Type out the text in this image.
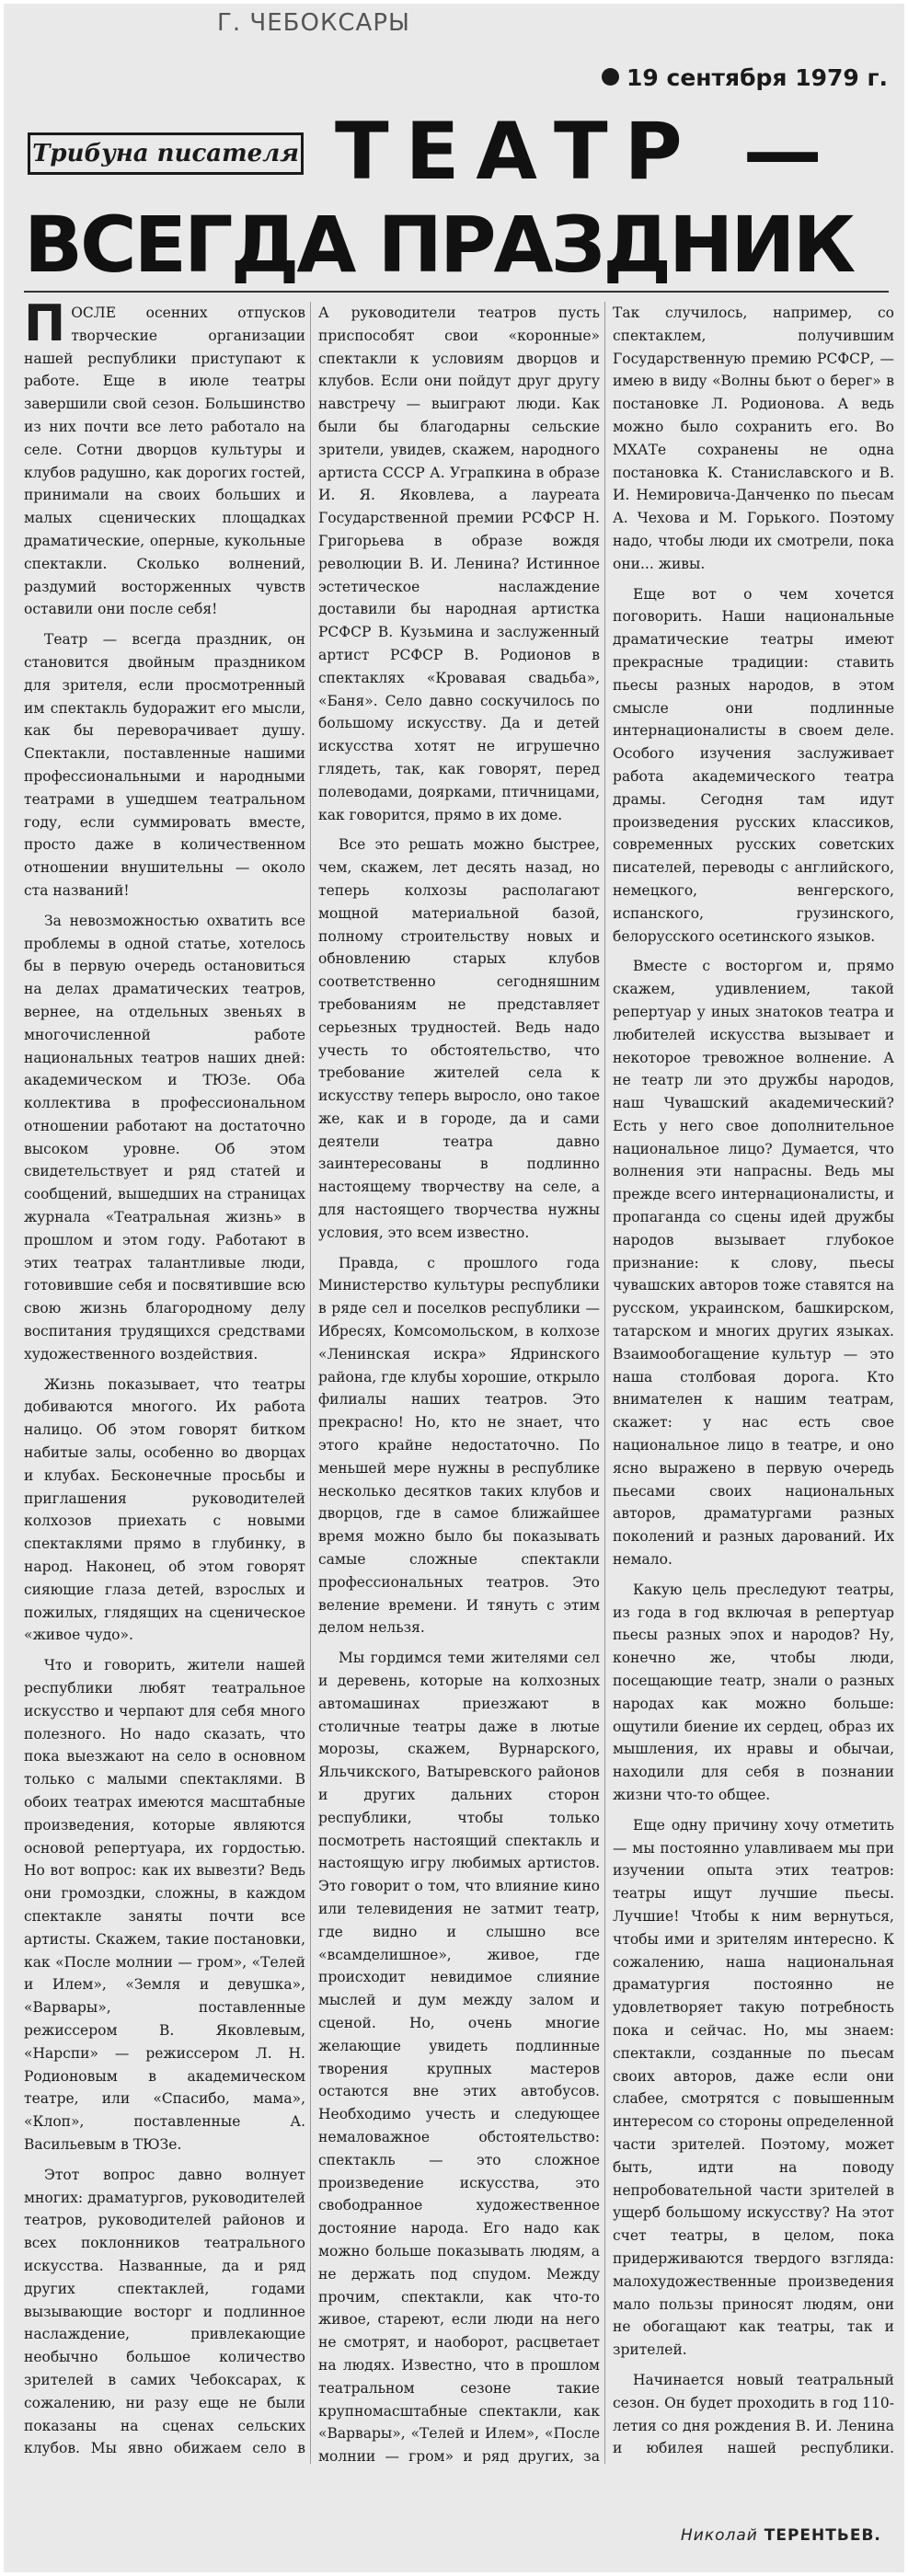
Г. ЧЕБОКСАРЫ
19 сентября 1979 г.
Трибуна писателя ТЕАТР —
ВСЕГДА ПРАЗДНИК

ПОСЛЕ осенних отпусков творческие организации нашей республики приступают к работе. Еще в июле театры завершили свой сезон. Большинство из них почти все лето работало на селе. Сотни дворцов культуры и клубов радушно, как дорогих гостей, принимали на своих больших и малых сценических площадках драматические, оперные, кукольные спектакли. Сколько волнений, раздумий восторженных чувств оставили они после себя!

Театр — всегда праздник, он становится двойным праздником для зрителя, если просмотренный им спектакль будоражит его мысли, как бы переворачивает душу. Спектакли, поставленные нашими профессиональными и народными театрами в ушедшем театральном году, если суммировать вместе, просто даже в количественном отношении внушительны — около ста названий!

За невозможностью охватить все проблемы в одной статье, хотелось бы в первую очередь остановиться на делах драматических театров, вернее, на отдельных звеньях в многочисленной работе национальных театров наших дней: академическом и ТЮЗе. Оба коллектива в профессиональном отношении работают на достаточно высоком уровне. Об этом свидетельствует и ряд статей и сообщений, вышедших на страницах журнала «Театральная жизнь» в прошлом и этом году. Работают в этих театрах талантливые люди, готовившие себя и посвятившие всю свою жизнь благородному делу воспитания трудящихся средствами художественного воздействия.

Жизнь показывает, что театры добиваются многого. Их работа налицо. Об этом говорят битком набитые залы, особенно во дворцах и клубах. Бесконечные просьбы и приглашения руководителей колхозов приехать с новыми спектаклями прямо в глубинку, в народ. Наконец, об этом говорят сияющие глаза детей, взрослых и пожилых, глядящих на сценическое «живое чудо».

Что и говорить, жители нашей республики любят театральное искусство и черпают для себя много полезного. Но надо сказать, что пока выезжают на село в основном только с малыми спектаклями. В обоих театрах имеются масштабные произведения, которые являются основой репертуара, их гордостью. Но вот вопрос: как их вывезти? Ведь они громоздки, сложны, в каждом спектакле заняты почти все артисты. Скажем, такие постановки, как «После молнии — гром», «Телей и Илем», «Земля и девушка», «Варвары», поставленные режиссером В. Яковлевым, «Нарспи» — режиссером Л. Н. Родионовым в академическом театре, или «Спасибо, мама», «Клоп», поставленные А. Васильевым в ТЮЗе.

Этот вопрос давно волнует многих: драматургов, руководителей театров, руководителей районов и всех поклонников театрального искусства. Названные, да и ряд других спектаклей, годами вызывающие восторг и подлинное наслаждение, привлекающие необычно большое количество зрителей в самих Чебоксарах, к сожалению, ни разу еще не были показаны на сценах сельских клубов. Мы явно обижаем село в

А руководители театров пусть приспособят свои «коронные» спектакли к условиям дворцов и клубов. Если они пойдут друг другу навстречу — выиграют люди. Как были бы благодарны сельские зрители, увидев, скажем, народного артиста СССР А. Уграпкина в образе И. Я. Яковлева, а лауреата Государственной премии РСФСР Н. Григорьева в образе вождя революции В. И. Ленина? Истинное эстетическое наслаждение доставили бы народная артистка РСФСР В. Кузьмина и заслуженный артист РСФСР В. Родионов в спектаклях «Кровавая свадьба», «Баня». Село давно соскучилось по большому искусству. Да и детей искусства хотят не игрушечно глядеть, так, как говорят, перед полеводами, доярками, птичницами, как говорится, прямо в их доме.

Все это решать можно быстрее, чем, скажем, лет десять назад, но теперь колхозы располагают мощной материальной базой, полному строительству новых и обновлению старых клубов соответственно сегодняшним требованиям не представляет серьезных трудностей. Ведь надо учесть то обстоятельство, что требование жителей села к искусству теперь выросло, оно такое же, как и в городе, да и сами деятели театра давно заинтересованы в подлинно настоящему творчеству на селе, а для настоящего творчества нужны условия, это всем известно.

Правда, с прошлого года Министерство культуры республики в ряде сел и поселков республики — Ибресях, Комсомольском, в колхозе «Ленинская искра» Ядринского района, где клубы хорошие, открыло филиалы наших театров. Это прекрасно! Но, кто не знает, что этого крайне недостаточно. По меньшей мере нужны в республике несколько десятков таких клубов и дворцов, где в самое ближайшее время можно было бы показывать самые сложные спектакли профессиональных театров. Это веление времени. И тянуть с этим делом нельзя.

Мы гордимся теми жителями сел и деревень, которые на колхозных автомашинах приезжают в столичные театры даже в лютые морозы, скажем, Вурнарского, Яльчикского, Ватыревского районов и других дальних сторон республики, чтобы только посмотреть настоящий спектакль и настоящую игру любимых артистов. Это говорит о том, что влияние кино или телевидения не затмит театр, где видно и слышно все «всамделишное», живое, где происходит невидимое слияние мыслей и дум между залом и сценой. Но, очень многие желающие увидеть подлинные творения крупных мастеров остаются вне этих автобусов. Необходимо учесть и следующее немаловажное обстоятельство: спектакль — это сложное произведение искусства, это свободранное художественное достояние народа. Его надо как можно больше показывать людям, а не держать под спудом. Между прочим, спектакли, как что-то живое, стареют, если люди на него не смотрят, и наоборот, расцветает на людях. Известно, что в прошлом театральном сезоне такие крупномасштабные спектакли, как «Варвары», «Телей и Илем», «После молнии — гром» и ряд других, за

Так случилось, например, со спектаклем, получившим Государственную премию РСФСР, — имею в виду «Волны бьют о берег» в постановке Л. Родионова. А ведь можно было сохранить его. Во МХАТе сохранены не одна постановка К. Станиславского и В. И. Немировича-Данченко по пьесам А. Чехова и М. Горького. Поэтому надо, чтобы люди их смотрели, пока они... живы.

Еще вот о чем хочется поговорить. Наши национальные драматические театры имеют прекрасные традиции: ставить пьесы разных народов, в этом смысле они подлинные интернационалисты в своем деле. Особого изучения заслуживает работа академического театра драмы. Сегодня там идут произведения русских классиков, современных русских советских писателей, переводы с английского, немецкого, венгерского, испанского, грузинского, белорусского осетинского языков.

Вместе с восторгом и, прямо скажем, удивлением, такой репертуар у иных знатоков театра и любителей искусства вызывает и некоторое тревожное волнение. А не театр ли это дружбы народов, наш Чувашский академический? Есть у него свое дополнительное национальное лицо? Думается, что волнения эти напрасны. Ведь мы прежде всего интернационалисты, и пропаганда со сцены идей дружбы народов вызывает глубокое признание: к слову, пьесы чувашских авторов тоже ставятся на русском, украинском, башкирском, татарском и многих других языках. Взаимообогащение культур — это наша столбовая дорога. Кто внимателен к нашим театрам, скажет: у нас есть свое национальное лицо в театре, и оно ясно выражено в первую очередь пьесами своих национальных авторов, драматургами разных поколений и разных дарований. Их немало.

Какую цель преследуют театры, из года в год включая в репертуар пьесы разных эпох и народов? Ну, конечно же, чтобы люди, посещающие театр, знали о разных народах как можно больше: ощутили биение их сердец, образ их мышления, их нравы и обычаи, находили для себя в познании жизни что-то общее.

Еще одну причину хочу отметить — мы постоянно улавливаем мы при изучении опыта этих театров: театры ищут лучшие пьесы. Лучшие! Чтобы к ним вернуться, чтобы ими и зрителям интересно. К сожалению, наша национальная драматургия постоянно не удовлетворяет такую потребность пока и сейчас. Но, мы знаем: спектакли, созданные по пьесам своих авторов, даже если они слабее, смотрятся с повышенным интересом со стороны определенной части зрителей. Поэтому, может быть, идти на поводу непробовательной части зрителей в ущерб большому искусству? На этот счет театры, в целом, пока придерживаются твердого взгляда: малохудожественные произведения мало пользы приносят людям, они не обогащают как театры, так и зрителей.

Начинается новый театральный сезон. Он будет проходить в год 110-летия со дня рождения В. И. Ленина и юбилея нашей республики.

Николай ТЕРЕНТЬЕВ.
